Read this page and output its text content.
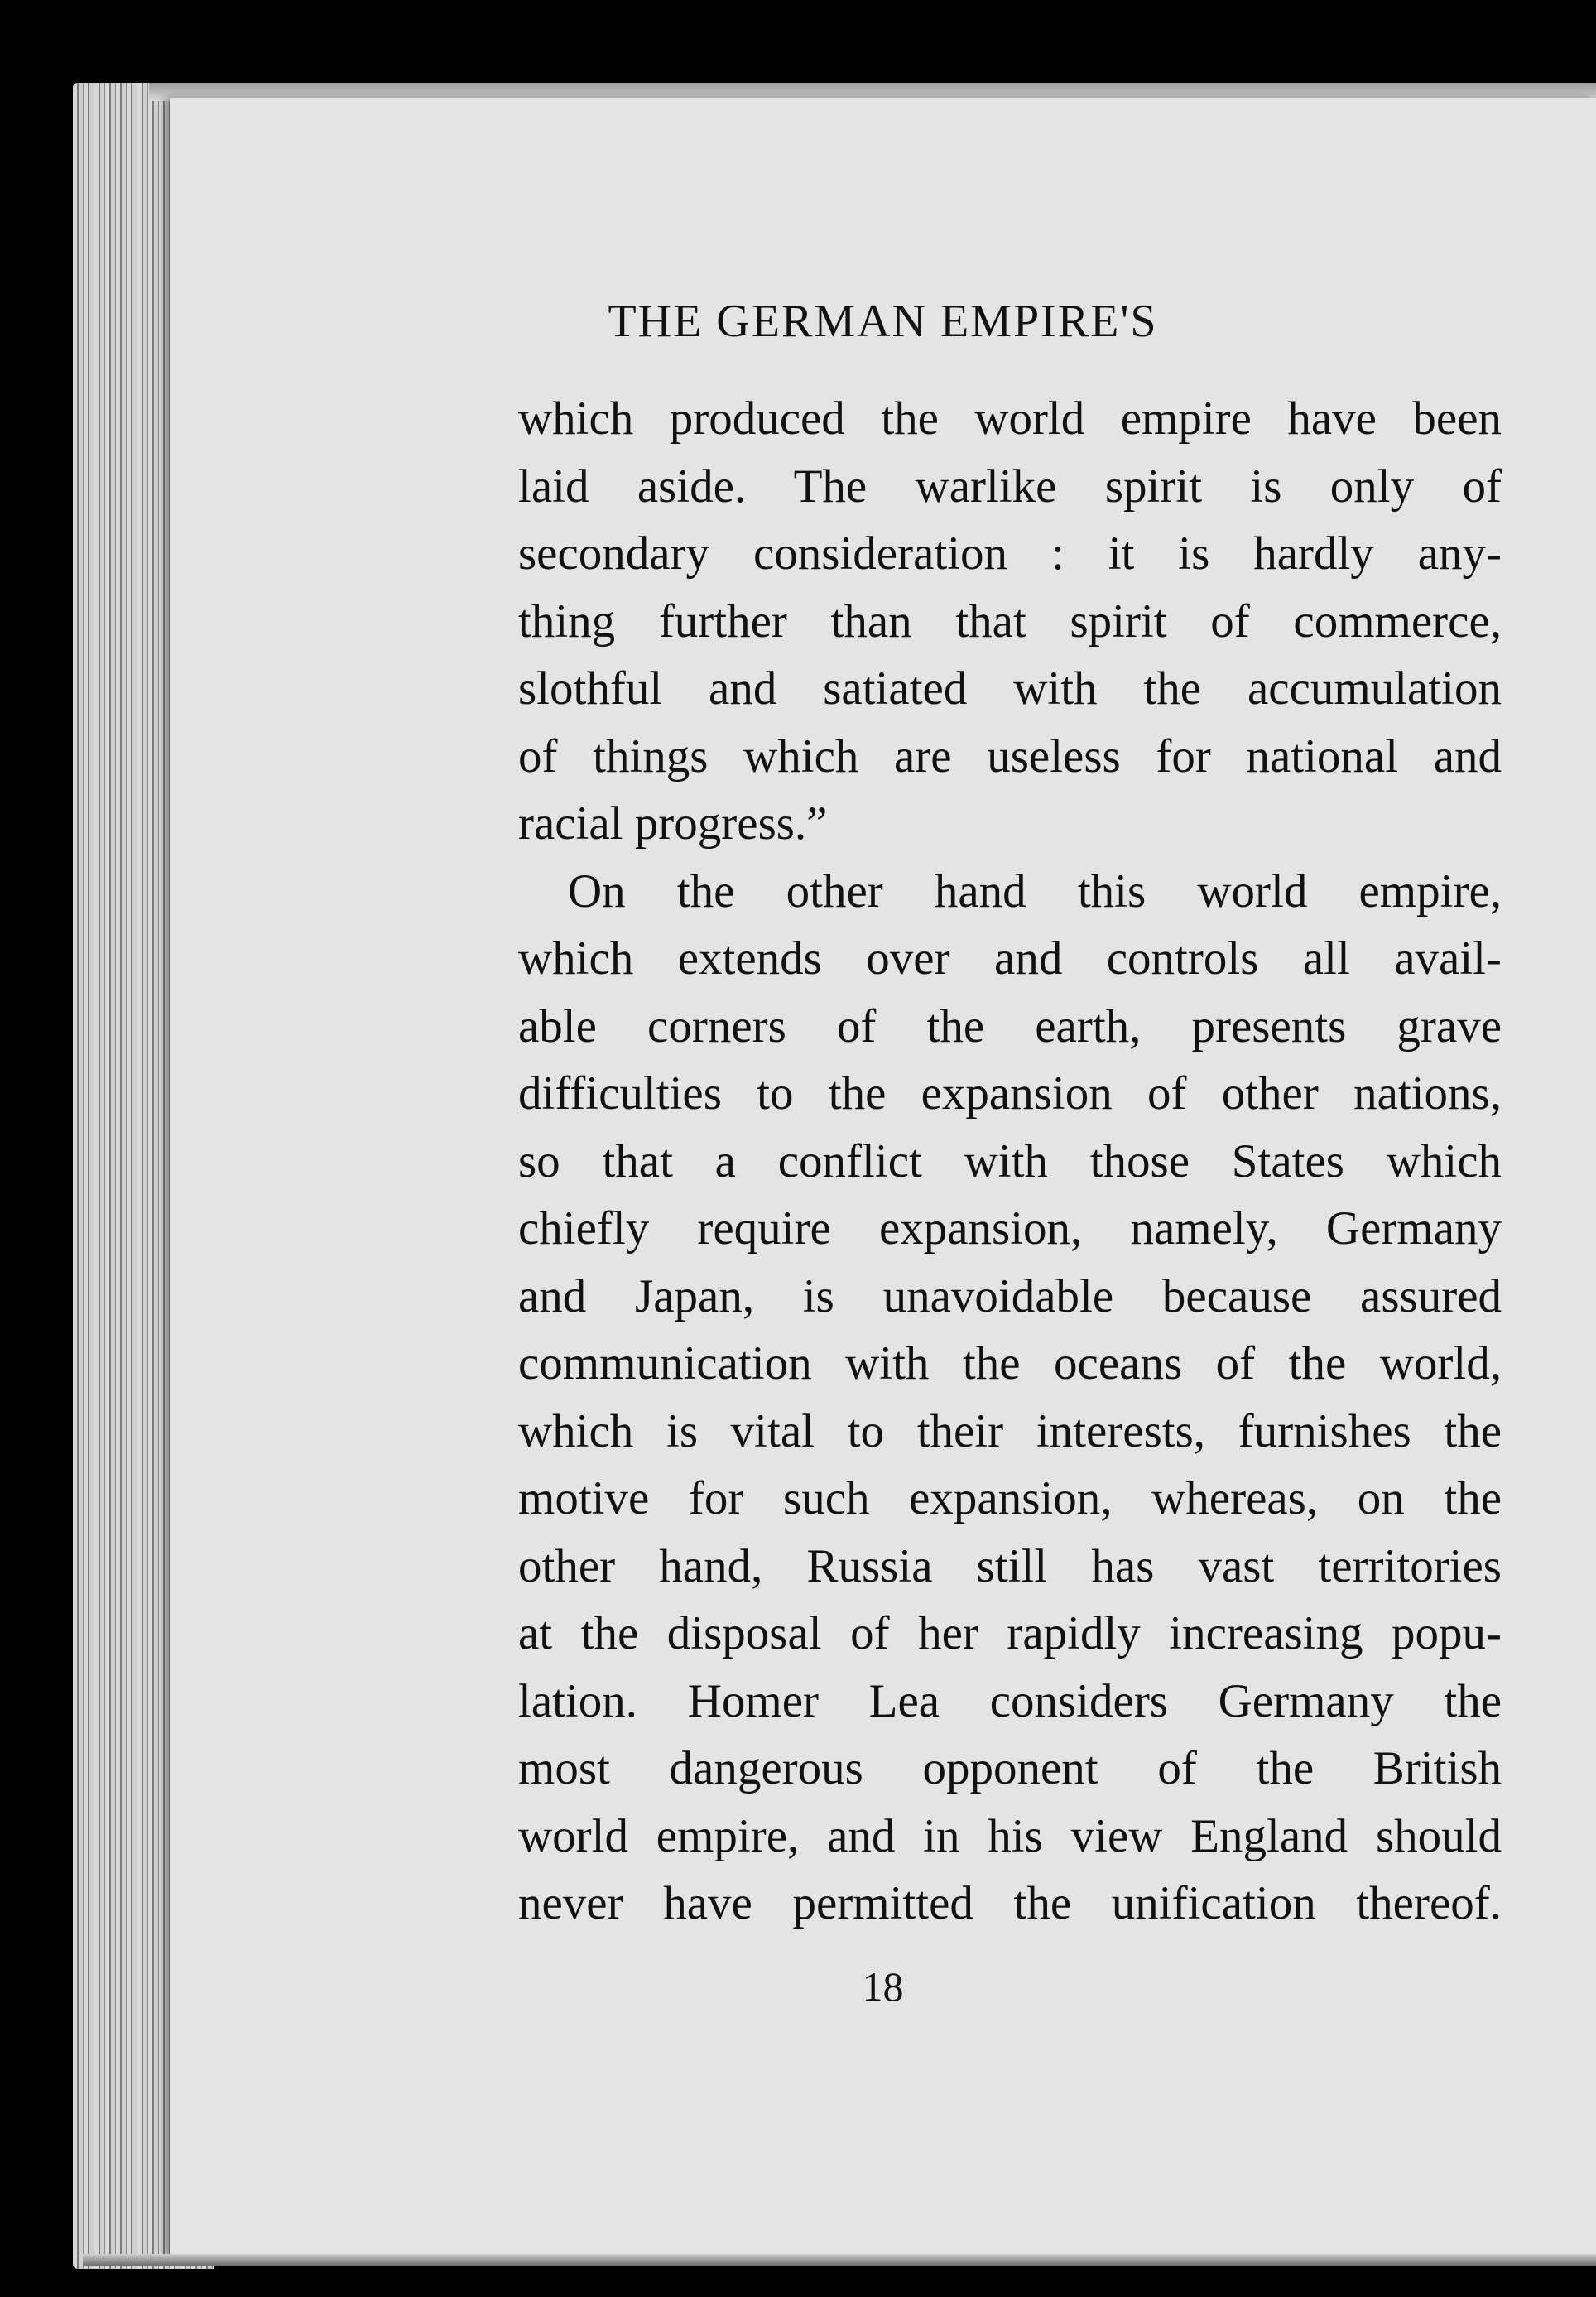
THE GERMAN EMPIRE'S
which produced the world empire have been
laid aside. The warlike spirit is only of
secondary consideration : it is hardly any-
thing further than that spirit of commerce,
slothful and satiated with the accumulation
of things which are useless for national and
racial progress.”
On the other hand this world empire,
which extends over and controls all avail-
able corners of the earth, presents grave
difficulties to the expansion of other nations,
so that a conflict with those States which
chiefly require expansion, namely, Germany
and Japan, is unavoidable because assured
communication with the oceans of the world,
which is vital to their interests, furnishes the
motive for such expansion, whereas, on the
other hand, Russia still has vast territories
at the disposal of her rapidly increasing popu-
lation. Homer Lea considers Germany the
most dangerous opponent of the British
world empire, and in his view England should
never have permitted the unification thereof.
18
